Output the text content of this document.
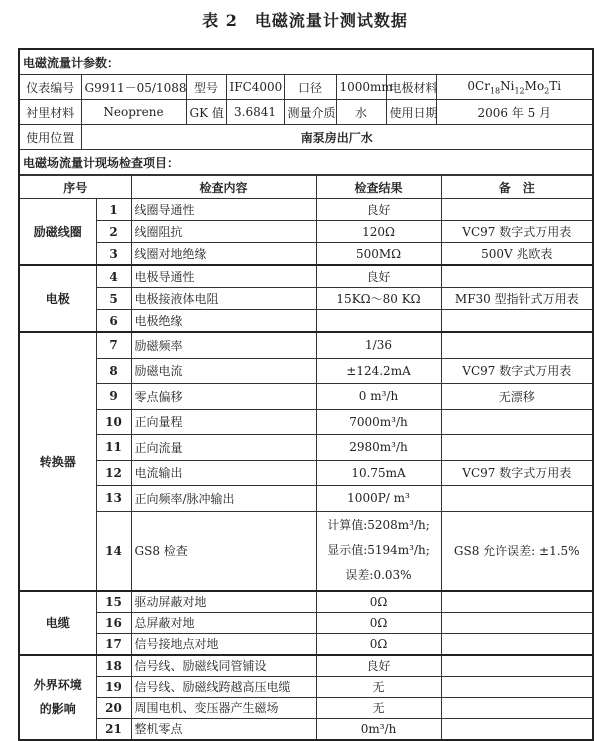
表 2　电磁流量计测试数据
电磁流量计参数：							
仪表编号	G9911－05/1088	型号	IFC4000	口径	1000mm	电极材料	$0Cr_{18}Ni_{12}Mo_2Ti$
衬里材料	Neoprene	GK 值	3.6841	测量介质	水	使用日期	2006 年 5 月
使用位置	南泵房出厂水						
电磁场流量计现场检查项目：							
序号		检查内容	检查结果	备　注
励磁线圈	1	线圈导通性	良好	
	2	线圈阻抗	120Ω	VC97 数字式万用表
	3	线圈对地绝缘	500MΩ	500V 兆欧表
电极	4	电极导通性	良好	
	5	电极接液体电阻	15KΩ～80 KΩ	MF30 型指针式万用表
	6	电极绝缘		
转换器	7	励磁频率	1/36	
	8	励磁电流	±124.2mA	VC97 数字式万用表
	9	零点偏移	0 m³/h	无漂移
	10	正向量程	7000m³/h	
	11	正向流量	2980m³/h	
	12	电流输出	10.75mA	VC97 数字式万用表
	13	正向频率/脉冲输出	1000P/ m³	
	14	GS8 检查	计算值:5208m³/h;
显示值:5194m³/h;
误差:0.03%	GS8 允许误差: ±1.5%
电缆	15	驱动屏蔽对地	0Ω	
	16	总屏蔽对地	0Ω	
	17	信号接地点对地	0Ω	

外界环境
的影响	18	信号线、励磁线同管铺设	良好	
	19	信号线、励磁线跨越高压电缆	无	
	20	周围电机、变压器产生磁场	无	
	21	整机零点	0m³/h	
